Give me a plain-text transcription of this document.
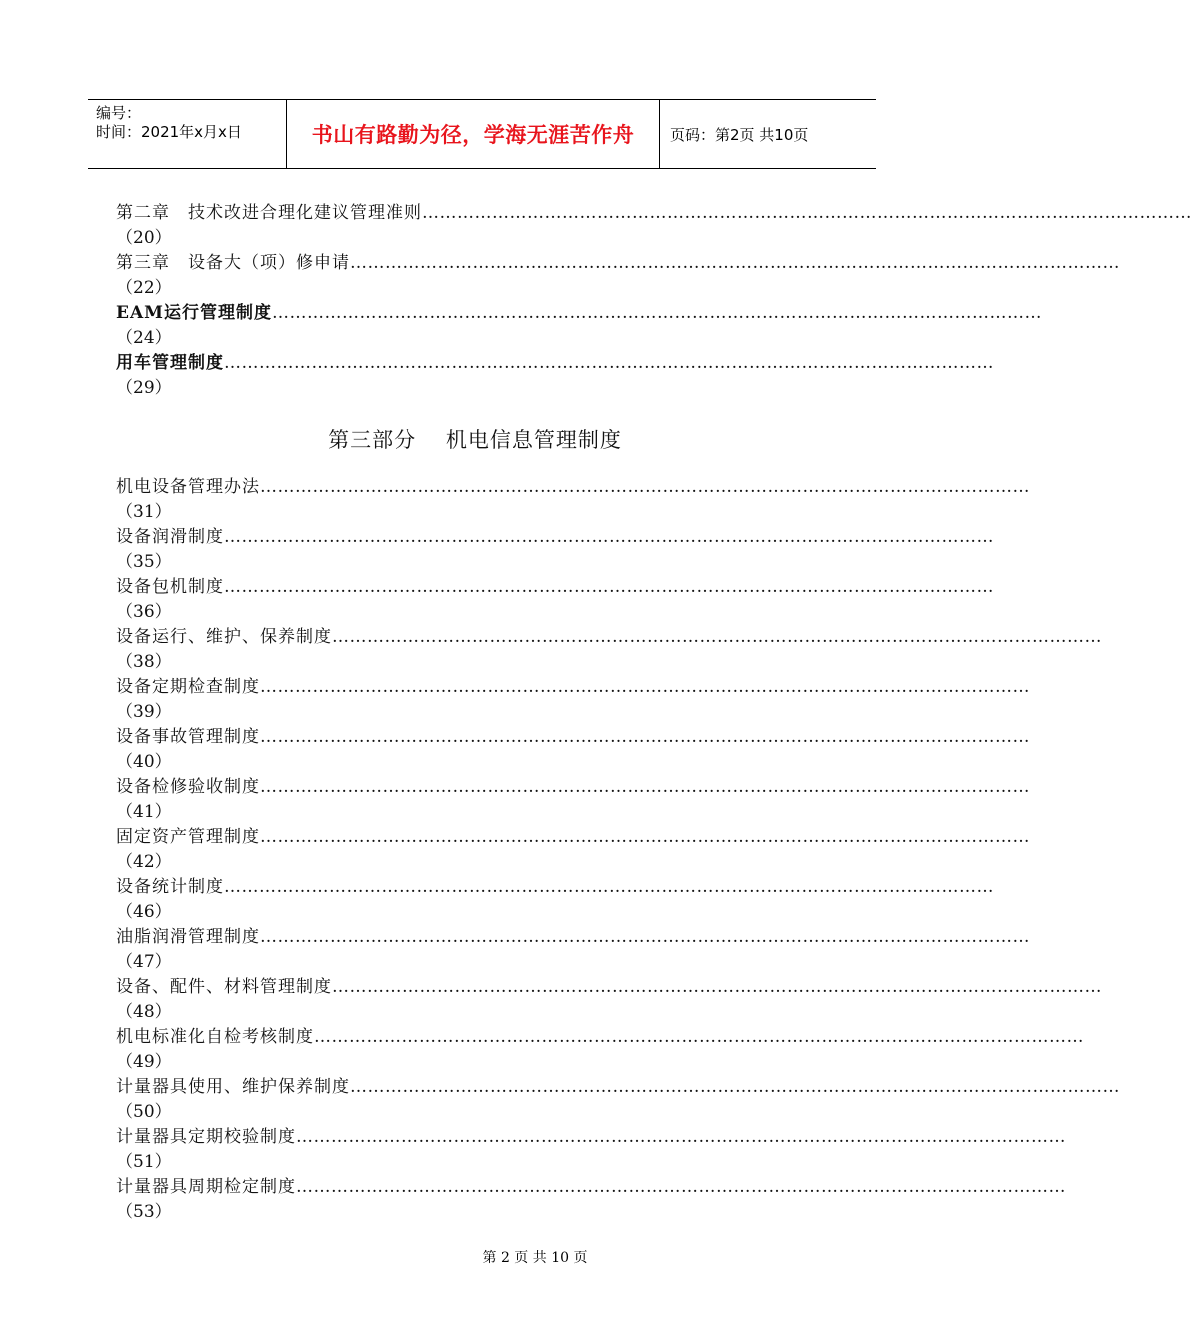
编号：
时间：2021年x月x日	书山有路勤为径，学海无涯苦作舟	页码：第2页 共10页
第二章　技术改进合理化建议管理准则 ……………………………………………………………………………………………………………………
（20）
第三章　设备大（项）修申请 ……………………………………………………………………………………………………………………
（22）
EAM运行管理制度 ……………………………………………………………………………………………………………………
（24）
用车管理制度 ……………………………………………………………………………………………………………………
（29）
第三部分　 机电信息管理制度
机电设备管理办法 ……………………………………………………………………………………………………………………
（31）
设备润滑制度 ……………………………………………………………………………………………………………………
（35）
设备包机制度 ……………………………………………………………………………………………………………………
（36）
设备运行、维护、保养制度 ……………………………………………………………………………………………………………………
（38）
设备定期检查制度 ……………………………………………………………………………………………………………………
（39）
设备事故管理制度 ……………………………………………………………………………………………………………………
（40）
设备检修验收制度 ……………………………………………………………………………………………………………………
（41）
固定资产管理制度 ……………………………………………………………………………………………………………………
（42）
设备统计制度 ……………………………………………………………………………………………………………………
（46）
油脂润滑管理制度 ……………………………………………………………………………………………………………………
（47）
设备、配件、材料管理制度 ……………………………………………………………………………………………………………………
（48）
机电标准化自检考核制度 ……………………………………………………………………………………………………………………
（49）
计量器具使用、维护保养制度 ……………………………………………………………………………………………………………………
（50）
计量器具定期校验制度 ……………………………………………………………………………………………………………………
（51）
计量器具周期检定制度 ……………………………………………………………………………………………………………………
（53）
第 2 页 共 10 页
